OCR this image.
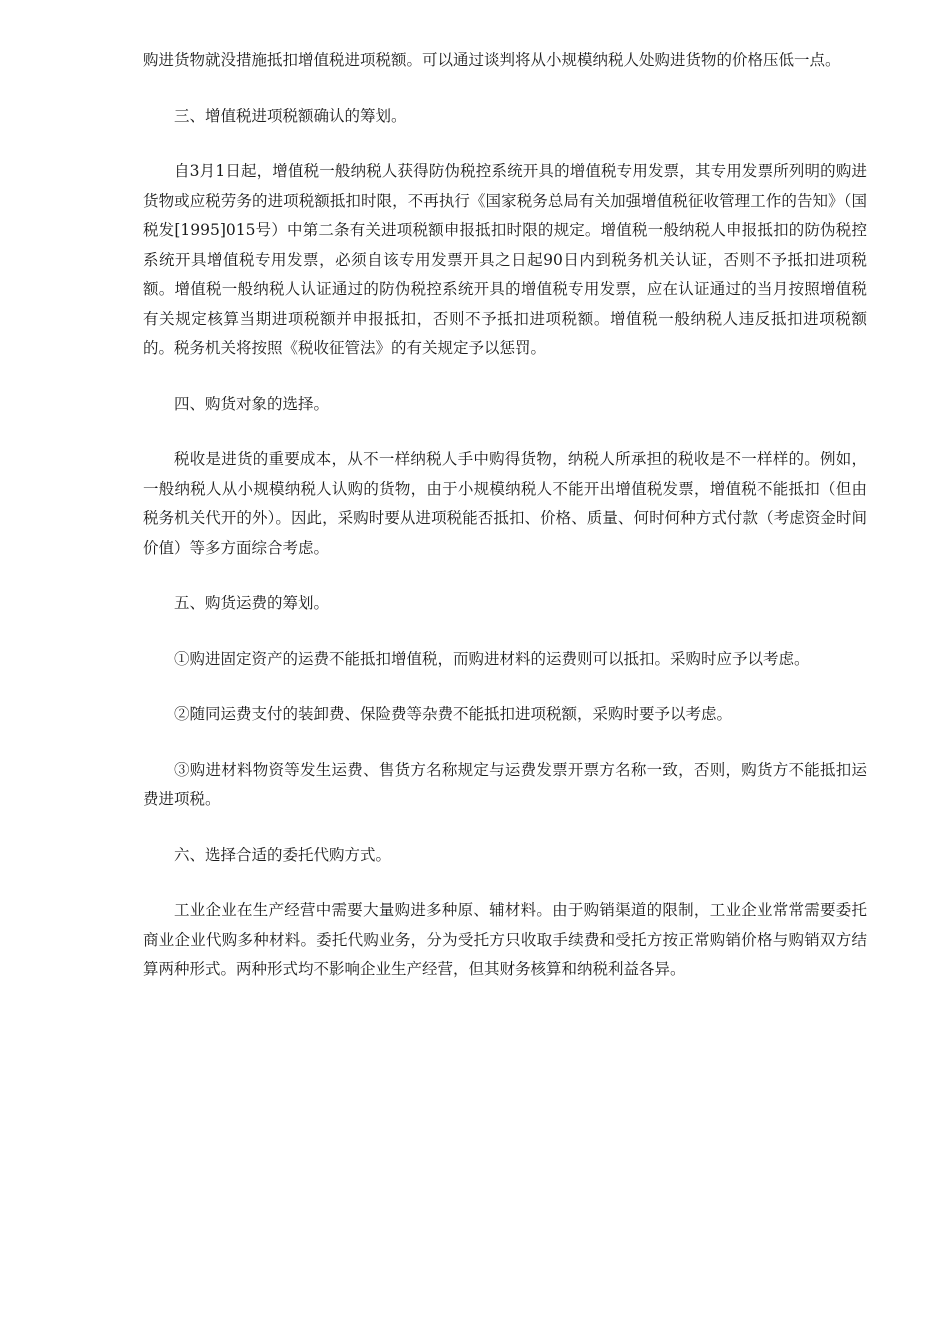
购进货物就没措施抵扣增值税进项税额。可以通过谈判将从小规模纳税人处购进货物的价格压低一点。

三、增值税进项税额确认的筹划。

自3月1日起，增值税一般纳税人获得防伪税控系统开具的增值税专用发票，其专用发票所列明的购进货物或应税劳务的进项税额抵扣时限，不再执行《国家税务总局有关加强增值税征收管理工作的告知》（国税发[1995]015号）中第二条有关进项税额申报抵扣时限的规定。增值税一般纳税人申报抵扣的防伪税控系统开具增值税专用发票，必须自该专用发票开具之日起90日内到税务机关认证，否则不予抵扣进项税额。增值税一般纳税人认证通过的防伪税控系统开具的增值税专用发票，应在认证通过的当月按照增值税有关规定核算当期进项税额并申报抵扣，否则不予抵扣进项税额。增值税一般纳税人违反抵扣进项税额的。税务机关将按照《税收征管法》的有关规定予以惩罚。

四、购货对象的选择。

税收是进货的重要成本，从不一样纳税人手中购得货物，纳税人所承担的税收是不一样样的。例如，一般纳税人从小规模纳税人认购的货物，由于小规模纳税人不能开出增值税发票，增值税不能抵扣（但由税务机关代开的外）。因此，采购时要从进项税能否抵扣、价格、质量、何时何种方式付款（考虑资金时间价值）等多方面综合考虑。

五、购货运费的筹划。

①购进固定资产的运费不能抵扣增值税，而购进材料的运费则可以抵扣。采购时应予以考虑。

②随同运费支付的装卸费、保险费等杂费不能抵扣进项税额，采购时要予以考虑。

③购进材料物资等发生运费、售货方名称规定与运费发票开票方名称一致，否则，购货方不能抵扣运费进项税。

六、选择合适的委托代购方式。

工业企业在生产经营中需要大量购进多种原、辅材料。由于购销渠道的限制，工业企业常常需要委托商业企业代购多种材料。委托代购业务，分为受托方只收取手续费和受托方按正常购销价格与购销双方结算两种形式。两种形式均不影响企业生产经营，但其财务核算和纳税利益各异。
